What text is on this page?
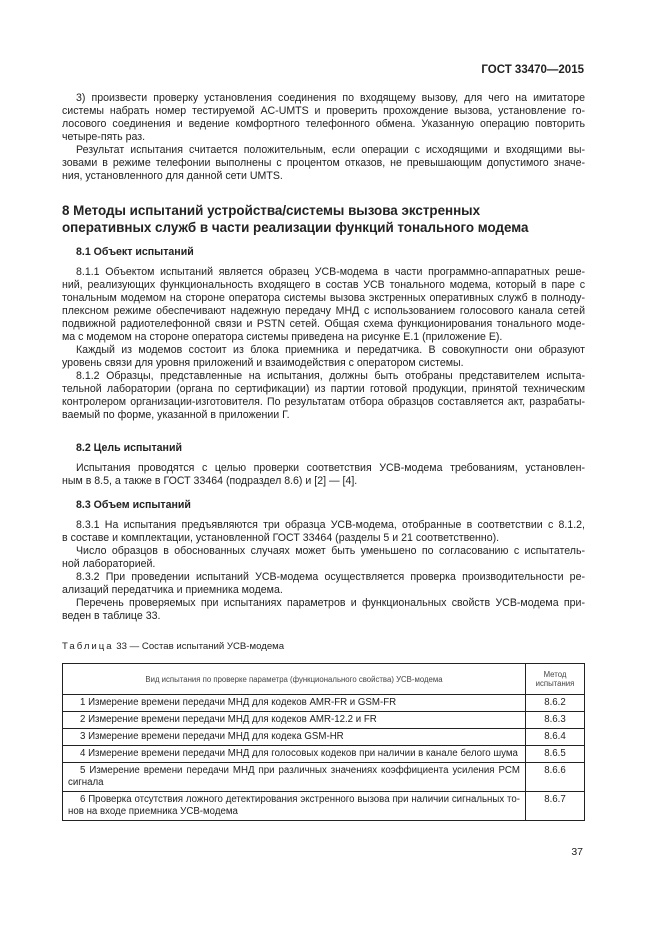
ГОСТ 33470—2015
3) произвести проверку установления соединения по входящему вызову, для чего на имитаторе
системы набрать номер тестируемой AC-UMTS и проверить прохождение вызова, установление го-
лосового соединения и ведение комфортного телефонного обмена. Указанную операцию повторить
четыре-пять раз.
Результат испытания считается положительным, если операции с исходящими и входящими вы-
зовами в режиме телефонии выполнены с процентом отказов, не превышающим допустимого значе-
ния, установленного для данной сети UMTS.
8 Методы испытаний устройства/системы вызова экстренных
оперативных служб в части реализации функций тонального модема
8.1 Объект испытаний
8.1.1 Объектом испытаний является образец УСВ-модема в части программно-аппаратных реше-
ний, реализующих функциональность входящего в состав УСВ тонального модема, который в паре с
тональным модемом на стороне оператора системы вызова экстренных оперативных служб в полноду-
плексном режиме обеспечивают надежную передачу МНД с использованием голосового канала сетей
подвижной радиотелефонной связи и PSTN сетей. Общая схема функционирования тонального моде-
ма с модемом на стороне оператора системы приведена на рисунке Е.1 (приложение Е).
Каждый из модемов состоит из блока приемника и передатчика. В совокупности они образуют
уровень связи для уровня приложений и взаимодействия с оператором системы.
8.1.2 Образцы, представленные на испытания, должны быть отобраны представителем испыта-
тельной лаборатории (органа по сертификации) из партии готовой продукции, принятой техническим
контролером организации-изготовителя. По результатам отбора образцов составляется акт, разрабаты-
ваемый по форме, указанной в приложении Г.
8.2 Цель испытаний
Испытания проводятся с целью проверки соответствия УСВ-модема требованиям, установлен-
ным в 8.5, а также в ГОСТ 33464 (подраздел 8.6) и [2] — [4].
8.3 Объем испытаний
8.3.1 На испытания предъявляются три образца УСВ-модема, отобранные в соответствии с 8.1.2,
в составе и комплектации, установленной ГОСТ 33464 (разделы 5 и 21 соответственно).
Число образцов в обоснованных случаях может быть уменьшено по согласованию с испытатель-
ной лабораторией.
8.3.2 При проведении испытаний УСВ-модема осуществляется проверка производительности ре-
ализаций передатчика и приемника модема.
Перечень проверяемых при испытаниях параметров и функциональных свойств УСВ-модема при-
веден в таблице 33.
Таблица 33 — Состав испытаний УСВ-модема
Вид испытания по проверке параметра (функционального свойства) УСВ-модема	Метод испытания
1 Измерение времени передачи МНД для кодеков AMR-FR и GSM-FR	8.6.2
2 Измерение времени передачи МНД для кодеков AMR-12.2 и FR	8.6.3
3 Измерение времени передачи МНД для кодека GSM-HR	8.6.4
4 Измерение времени передачи МНД для голосовых кодеков при наличии в канале белого шума	8.6.5
5 Измерение времени передачи МНД при различных значениях коэффициента усиления PCM сигнала	8.6.6
6 Проверка отсутствия ложного детектирования экстренного вызова при наличии сигнальных то-нов на входе приемника УСВ-модема	8.6.7
37
